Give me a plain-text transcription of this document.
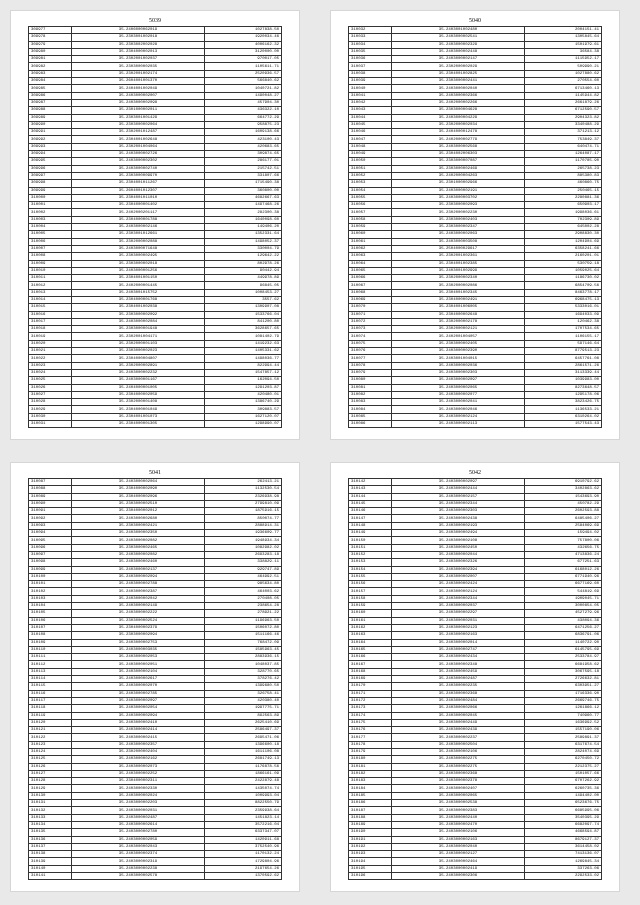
5039
309977	35.2406000062019	1027838.50
309978	35.2303001002018	1920034.46
309979	35.2303002002028	4006162.32
309980	35.2304000002013	3120000.00
309981	35.2302001002037	970017.05
309982	35.2303000002035	1105611.71
309983	35.2302001002174	2520936.57
309984	35.2604001001370	566840.62
309985	35.2404001002049	1040721.82
309986	35.2403000002007	1490048.27
309987	35.2403000002098	457904.30
309988	35.2301000002011	436322.10
309989	35.2303001001429	664772.29
309990	35.2303000002064	958875.23
309991	35.2302001012487	1609138.66
309992	35.2304001002648	423100.43
309993	35.2302001004064	420683.65
309994	35.2403000002726	309874.65
309995	35.2403000002302	286177.01
309996	35.2403000002740	215742.51
309997	35.2303000009970	331807.66
309998	35.2304001011267	1715490.38
309999	35.2604001012307	360800.00
310000	35.2304001011010	4682667.63
310001	35.2304000001402	1497468.26
310002	35.2402000201117	282300.38
310003	35.2304000001788	1640098.60
310004	35.2403000002146	149406.20
310005	35.2303001012661	1352331.64
310006	35.2302000002088	1498052.37
310007	35.2403000071648	330004.79
310008	35.2303000002495	129642.22
310009	35.2303000002018	802978.26
310010	35.2403000001256	90442.94
310011	35.2304001001150	449978.89
310012	35.2402000001445	96845.05
310013	35.2403001015752	1008453.27
310014	35.2304000001768	3557.62
310015	35.2304001002038	1309907.08
310016	35.2303000002092	1533766.04
310017	35.2403000002084	841200.80
310018	35.2303000001948	3628657.65
310019	35.2302001004171	1081402.79
310020	35.2302000001103	1419232.63
310021	35.2303000002023	1405331.62
310022	35.2304000004807	1498036.77
310023	35.2302000002891	822994.44
310024	35.2403000002232	1547857.12
310025	35.2403000001167	162094.50
310026	35.2404000001005	1291203.87
310027	35.2304000002059	420480.01
310028	35.2302000001408	1386740.29
310029	35.2304000001049	309883.57
310030	35.2304001001073	1627120.07
310031	35.2304000001305	1298990.07
5040
310032	35.2403001002480	2004151.41
310033	35.2403000002541	1305845.64
310034	35.2403000002329	1501979.61
310035	35.2403000002448	36584.38
310036	35.2403000002147	1115952.17
310037	35.2302000002029	509990.21
310038	35.2304001002825	1027880.62
310039	35.2303000002441	270554.60
310040	35.2403000002040	6713460.13
310041	35.2403000002366	1145944.82
310042	35.2402000002266	2661879.26
310043	35.2303000004628	6712590.57
310044	35.2403000004229	2904323.82
310045	35.2302000002034	3340488.29
310046	35.2404000012478	371213.12
310047	35.2402000002779	753849.37
310048	35.2403000002568	640474.71
310049	35.2304002006303	1264087.17
310050	35.2303000007087	1170785.90
310051	35.2303000002469	265738.23
310052	35.2402000004263	885380.83
310053	35.2301000002966	460860.75
310054	35.2403000002191	250465.15
310055	35.2403000003702	2280881.36
310056	35.2303000002093	650903.17
310057	35.2302000002230	1998036.61
310058	35.2303000002403	702309.89
310059	35.2303000002347	645002.28
310060	35.2403000002063	2908830.30
310061	35.2403000003508	1204904.69
310062	35.2504000029617	6358241.66
310063	35.2302001002361	2160201.01
310064	35.2304001002385	530759.18
310065	35.2403001002999	1059025.64
310066	35.2302000002340	1186730.02
310067	35.2302000002086	6854709.56
310068	35.2304001002345	8463778.17
310069	35.2304000002491	6968475.13
310070	35.2304001006005	5333016.01
310071	35.2304000002648	1694033.09
310072	35.2302000002178	120462.38
310073	35.2302000002121	1707534.65
310074	35.2402001004057	1106155.17
310075	35.2303000002405	597146.64
310076	35.2403000002390	8779513.23
310077	35.2403001004015	6457761.08
310078	35.2403000002036	2861571.26
310079	35.2403000002303	3113339.44
310080	35.2403000002097	1039983.00
310081	35.2403000002065	8273648.57
310082	35.2403000002077	1295178.06
310083	35.2403000002041	3823426.75
310084	35.2403000002046	1136533.21
310085	35.2403000002124	6310264.02
310086	35.2403000002113	1577543.43
5041
310087	35.2403000002064	262413.21
310088	35.2304000002090	1132530.54
310089	35.2304000002096	2326938.98
310090	35.2303000002510	2799810.09
310091	35.2304000002012	1875916.15
310092	35.2403000002680	850074.77
310093	35.2303000002421	2888914.31
310094	35.2403000002350	1936609.77
310095	35.2403000002082	1948934.34
310096	35.2303000002465	1082982.02
310097	35.2403000002082	2693283.18
310098	35.2403000002460	338829.11
310099	35.2403000002137	929747.89
310100	35.2403000002094	464992.51
310101	35.2403000002788	985634.80
310102	35.2403000002387	464003.62
310103	35.2403000002042	270408.05
310104	35.2403000002149	238654.28
310105	35.2403000002222	278921.22
310106	35.2303000002524	1196963.50
310107	35.2304000002379	1506072.80
310108	35.2303000002094	1511166.46
310109	35.2403000002753	768472.09
310110	35.2403000003035	1585963.45
310111	35.2403000002053	2883936.15
310112	35.2403000002051	1048037.85
310113	35.2403000002104	328770.65
310114	35.2403000002617	378276.42
310115	35.2403000002070	1399680.50
310116	35.2403000002785	326758.41
310117	35.2403000002097	420380.40
310118	35.2403000002054	1997775.71
310119	35.2403000002094	892563.89
310120	35.2403000002410	2625410.69
310121	35.2403000002414	2586497.37
310122	35.2403000002415	2695471.06
310123	35.2403000002357	1396600.18
310124	35.2302000002404	1611106.08
310125	35.2403000002162	2681749.13
310126	35.2403000002073	1176878.56
310127	35.2403000002252	1866161.09
310128	35.2304000002311	2422879.48
310129	35.2403000002330	1435074.74
310130	35.2403000002024	1009993.04
310131	35.2403000002203	8822550.79
310132	35.2403000002031	2359938.64
310133	35.2403000002487	1451823.14
310134	35.2403000002614	3572216.04
310135	35.2403000002780	6337347.07
310136	35.2403000002059	1420911.68
310137	35.2403000002043	3752540.96
310138	35.2403000002374	1170132.24
310139	35.2403000002319	1729804.96
310140	35.2403000002238	2197654.26
310141	35.2403000002578	1370592.62
5042
310142	35.2403000002097	6910792.62
310143	35.2403000002444	3402863.62
310144	35.2403000002157	1543693.90
310145	35.2403000002344	450782.29
310146	35.2403000002303	2602593.88
310147	35.2403000002438	6485406.27
310148	35.2403000002193	2584069.69
310149	35.2403000002494	159494.02
310150	35.2403000002108	757800.06
310151	35.2403000002450	432656.75
310152	35.2403000002044	4713836.24
310153	35.2403000002326	677251.63
310154	35.2403000002394	6168012.26
310155	35.2403000002007	6771940.96
310156	35.2403000002424	6677169.60
310157	35.2403000002124	544819.69
310158	35.2403000002344	1909045.71
310159	35.2403000002037	3000854.05
310160	35.2403000002297	4527279.96
310161	35.2403000002031	438094.36
310162	35.2403000002123	6471256.27
310163	35.2403000002163	6836791.06
310164	35.2403000002014	1140722.90
310165	35.2403000002747	6145795.69
310166	35.2403000002434	2533784.97
310167	35.2403000002348	6681958.62
310168	35.2403000002459	3067595.18
310169	35.2403000002487	2726632.81
310170	35.2403000002235	6303951.27
310171	35.2403000002368	1716336.90
310172	35.2403000002484	2669746.75
310173	35.2403000002066	1261866.12
310174	35.2403000002045	740960.77
310175	35.2403000002449	1636992.52
310176	35.2403000002439	1557190.06
310177	35.2403000002237	2589891.37
310178	35.2403000002504	6317674.54
310179	35.2403000002106	2824074.69
310180	35.2403000002275	6270450.72
310181	35.2403000002275	2212375.27
310182	35.2403000002368	1501057.66
310183	35.2403000002378	6707262.92
310184	35.2403000002407	6260735.36
310185	35.2403000002065	1494402.00
310186	35.2403000002538	6523676.75
310187	35.2403000002383	6685995.06
310188	35.2403000002440	3540395.29
310189	35.2403000002470	6682097.74
310190	35.2403000002106	4668594.87
310191	35.2403000002163	8679127.37
310192	35.2403000002040	3614458.02
310193	35.2403000002127	7413136.07
310194	35.2403000002464	1269845.34
310195	35.2403000002419	337263.06
310196	35.2403000002306	2292533.02
